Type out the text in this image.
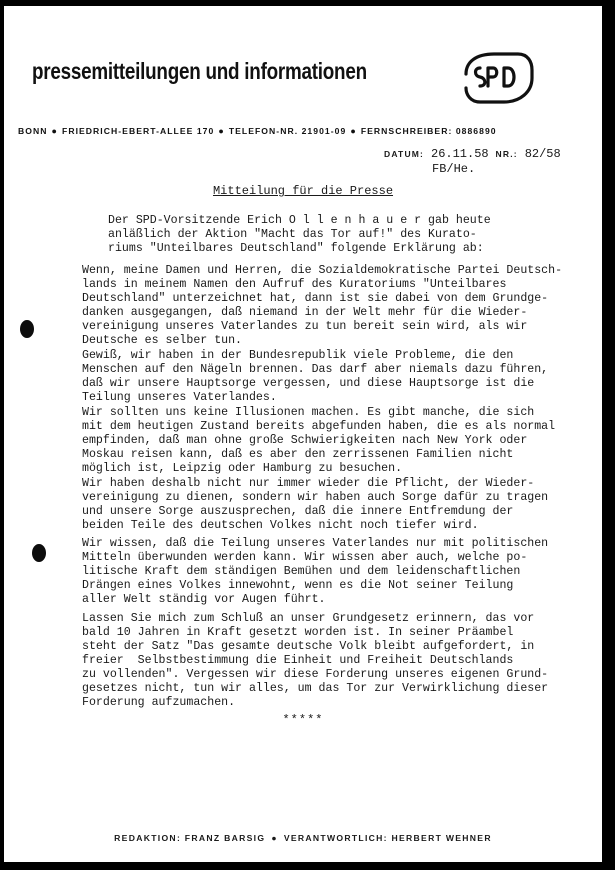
pressemitteilungen und informationen
BONN ● FRIEDRICH-EBERT-ALLEE 170 ● TELEFON-NR. 21901-09 ● FERNSCHREIBER: 0886890
DATUM: 26.11.58 NR.: 82/58
FB/He.
Mitteilung für die Presse
Der SPD-Vorsitzende Erich O l l e n h a u e r gab heute
anläßlich der Aktion "Macht das Tor auf!" des Kurato-
riums "Unteilbares Deutschland" folgende Erklärung ab:
Wenn, meine Damen und Herren, die Sozialdemokratische Partei Deutsch-
lands in meinem Namen den Aufruf des Kuratoriums "Unteilbares
Deutschland" unterzeichnet hat, dann ist sie dabei von dem Grundge-
danken ausgegangen, daß niemand in der Welt mehr für die Wieder-
vereinigung unseres Vaterlandes zu tun bereit sein wird, als wir
Deutsche es selber tun.
Gewiß, wir haben in der Bundesrepublik viele Probleme, die den
Menschen auf den Nägeln brennen. Das darf aber niemals dazu führen,
daß wir unsere Hauptsorge vergessen, und diese Hauptsorge ist die
Teilung unseres Vaterlandes.
Wir sollten uns keine Illusionen machen. Es gibt manche, die sich
mit dem heutigen Zustand bereits abgefunden haben, die es als normal
empfinden, daß man ohne große Schwierigkeiten nach New York oder
Moskau reisen kann, daß es aber den zerrissenen Familien nicht
möglich ist, Leipzig oder Hamburg zu besuchen.
Wir haben deshalb nicht nur immer wieder die Pflicht, der Wieder-
vereinigung zu dienen, sondern wir haben auch Sorge dafür zu tragen
und unsere Sorge auszusprechen, daß die innere Entfremdung der
beiden Teile des deutschen Volkes nicht noch tiefer wird.
Wir wissen, daß die Teilung unseres Vaterlandes nur mit politischen
Mitteln überwunden werden kann. Wir wissen aber auch, welche po-
litische Kraft dem ständigen Bemühen und dem leidenschaftlichen
Drängen eines Volkes innewohnt, wenn es die Not seiner Teilung
aller Welt ständig vor Augen führt.
Lassen Sie mich zum Schluß an unser Grundgesetz erinnern, das vor
bald 10 Jahren in Kraft gesetzt worden ist. In seiner Präambel
steht der Satz "Das gesamte deutsche Volk bleibt aufgefordert, in
freier  Selbstbestimmung die Einheit und Freiheit Deutschlands
zu vollenden". Vergessen wir diese Forderung unseres eigenen Grund-
gesetzes nicht, tun wir alles, um das Tor zur Verwirklichung dieser
Forderung aufzumachen.
*****
REDAKTION: FRANZ BARSIG ● VERANTWORTLICH: HERBERT WEHNER
